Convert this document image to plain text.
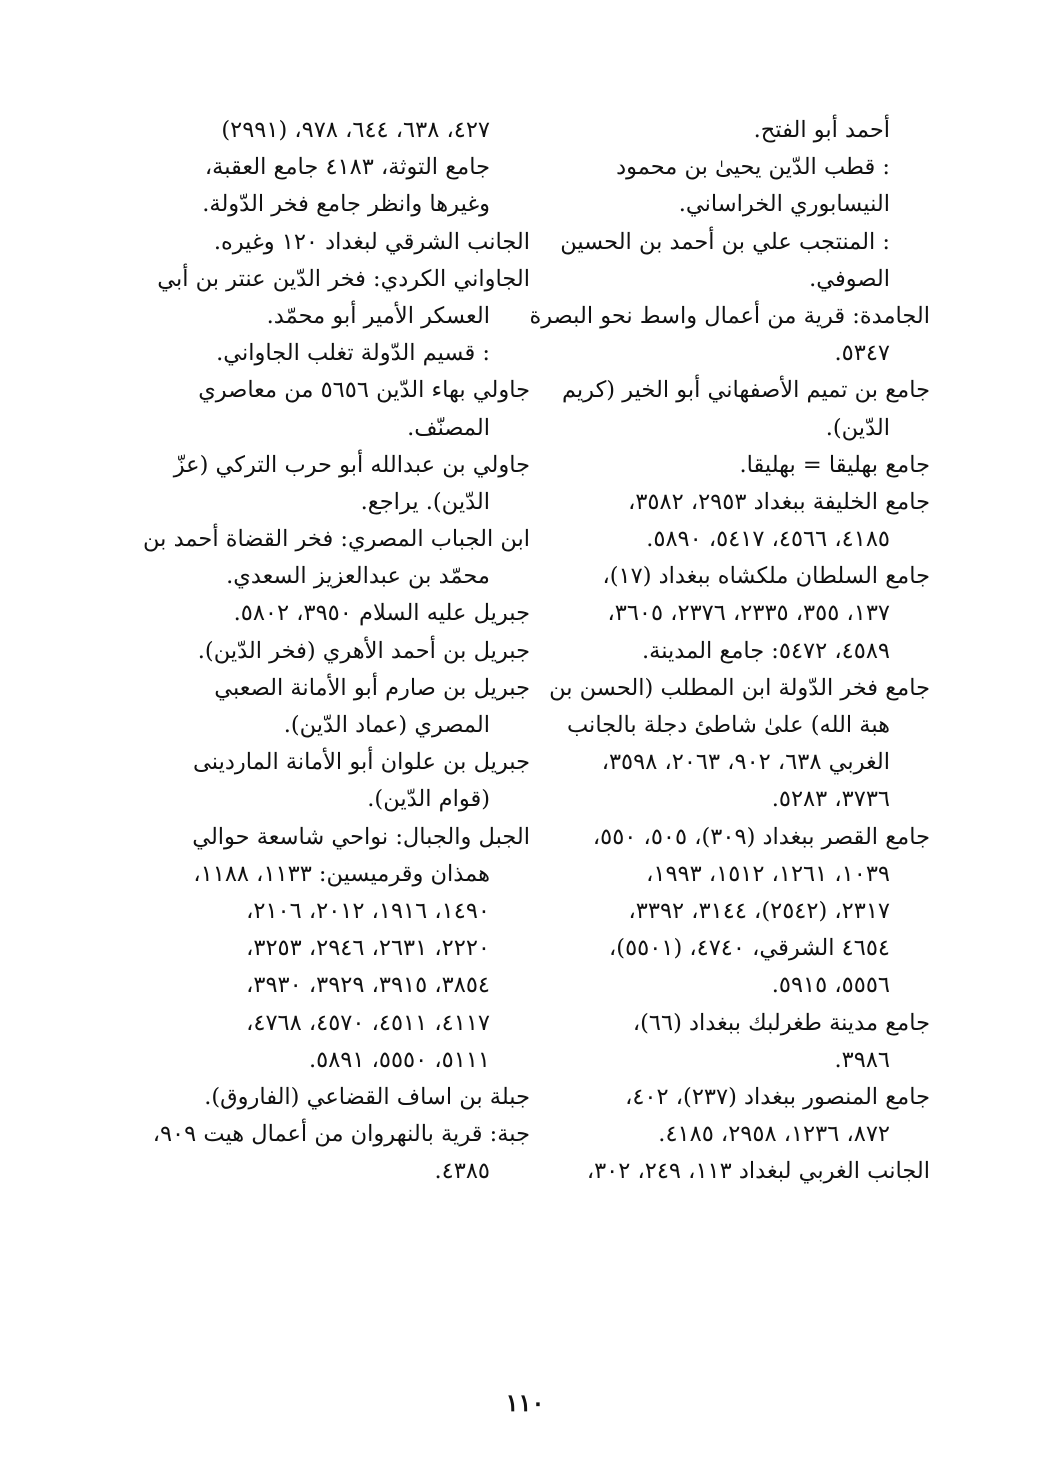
أحمد أبو الفتح.
: قطب الدّين يحيىٰ بن محمود
النيسابوري الخراساني.
: المنتجب علي بن أحمد بن الحسين
الصوفي.
الجامدة: قرية من أعمال واسط نحو البصرة
٥٣٤٧.
جامع بن تميم الأصفهاني أبو الخير (كريم
الدّين).
جامع بهليقا = بهليقا.
جامع الخليفة ببغداد ٢٩٥٣، ٣٥٨٢،
٤١٨٥، ٤٥٦٦، ٥٤١٧، ٥٨٩٠.
جامع السلطان ملكشاه ببغداد (١٧)،
١٣٧، ٣٥٥، ٢٣٣٥، ٢٣٧٦، ٣٦٠٥،
٤٥٨٩، ٥٤٧٢: جامع المدينة.
جامع فخر الدّولة ابن المطلب (الحسن بن
هبة الله) علىٰ شاطئ دجلة بالجانب
الغربي ٦٣٨، ٩٠٢، ٢٠٦٣، ٣٥٩٨،
٣٧٣٦، ٥٢٨٣.
جامع القصر ببغداد (٣٠٩)، ٥٠٥، ٥٥٠،
١٠٣٩، ١٢٦١، ١٥١٢، ١٩٩٣،
٢٣١٧، (٢٥٤٢)، ٣١٤٤، ٣٣٩٢،
٤٦٥٤ الشرقي، ٤٧٤٠، (٥٥٠١)،
٥٥٥٦، ٥٩١٥.
جامع مدينة طغرلبك ببغداد (٦٦)،
٣٩٨٦.
جامع المنصور ببغداد (٢٣٧)، ٤٠٢،
٨٧٢، ١٢٣٦، ٢٩٥٨، ٤١٨٥.
الجانب الغربي لبغداد ١١٣، ٢٤٩، ٣٠٢،
٤٢٧، ٦٣٨، ٦٤٤، ٩٧٨، (٢٩٩١)
جامع التوثة، ٤١٨٣ جامع العقبة،
وغيرها وانظر جامع فخر الدّولة.
الجانب الشرقي لبغداد ١٢٠ وغيره.
الجاواني الكردي: فخر الدّين عنتر بن أبي
العسكر الأمير أبو محمّد.
: قسيم الدّولة تغلب الجاواني.
جاولي بهاء الدّين ٥٦٥٦ من معاصري
المصنّف.
جاولي بن عبدالله أبو حرب التركي (عزّ
الدّين). يراجع.
ابن الجباب المصري: فخر القضاة أحمد بن
محمّد بن عبدالعزيز السعدي.
جبريل عليه السلام ٣٩٥٠، ٥٨٠٢.
جبريل بن أحمد الأهري (فخر الدّين).
جبريل بن صارم أبو الأمانة الصعبي
المصري (عماد الدّين).
جبريل بن علوان أبو الأمانة الماردينى
(قوام الدّين).
الجبل والجبال: نواحي شاسعة حوالي
همذان وقرميسين: ١١٣٣، ١١٨٨،
١٤٩٠، ١٩١٦، ٢٠١٢، ٢١٠٦،
٢٢٢٠، ٢٦٣١، ٢٩٤٦، ٣٢٥٣،
٣٨٥٤، ٣٩١٥، ٣٩٢٩، ٣٩٣٠،
٤١١٧، ٤٥١١، ٤٥٧٠، ٤٧٦٨،
٥١١١، ٥٥٥٠، ٥٨٩١.
جبلة بن اساف القضاعي (الفاروق).
جبة: قرية بالنهروان من أعمال هيت ٩٠٩،
٤٣٨٥.
١١٠
